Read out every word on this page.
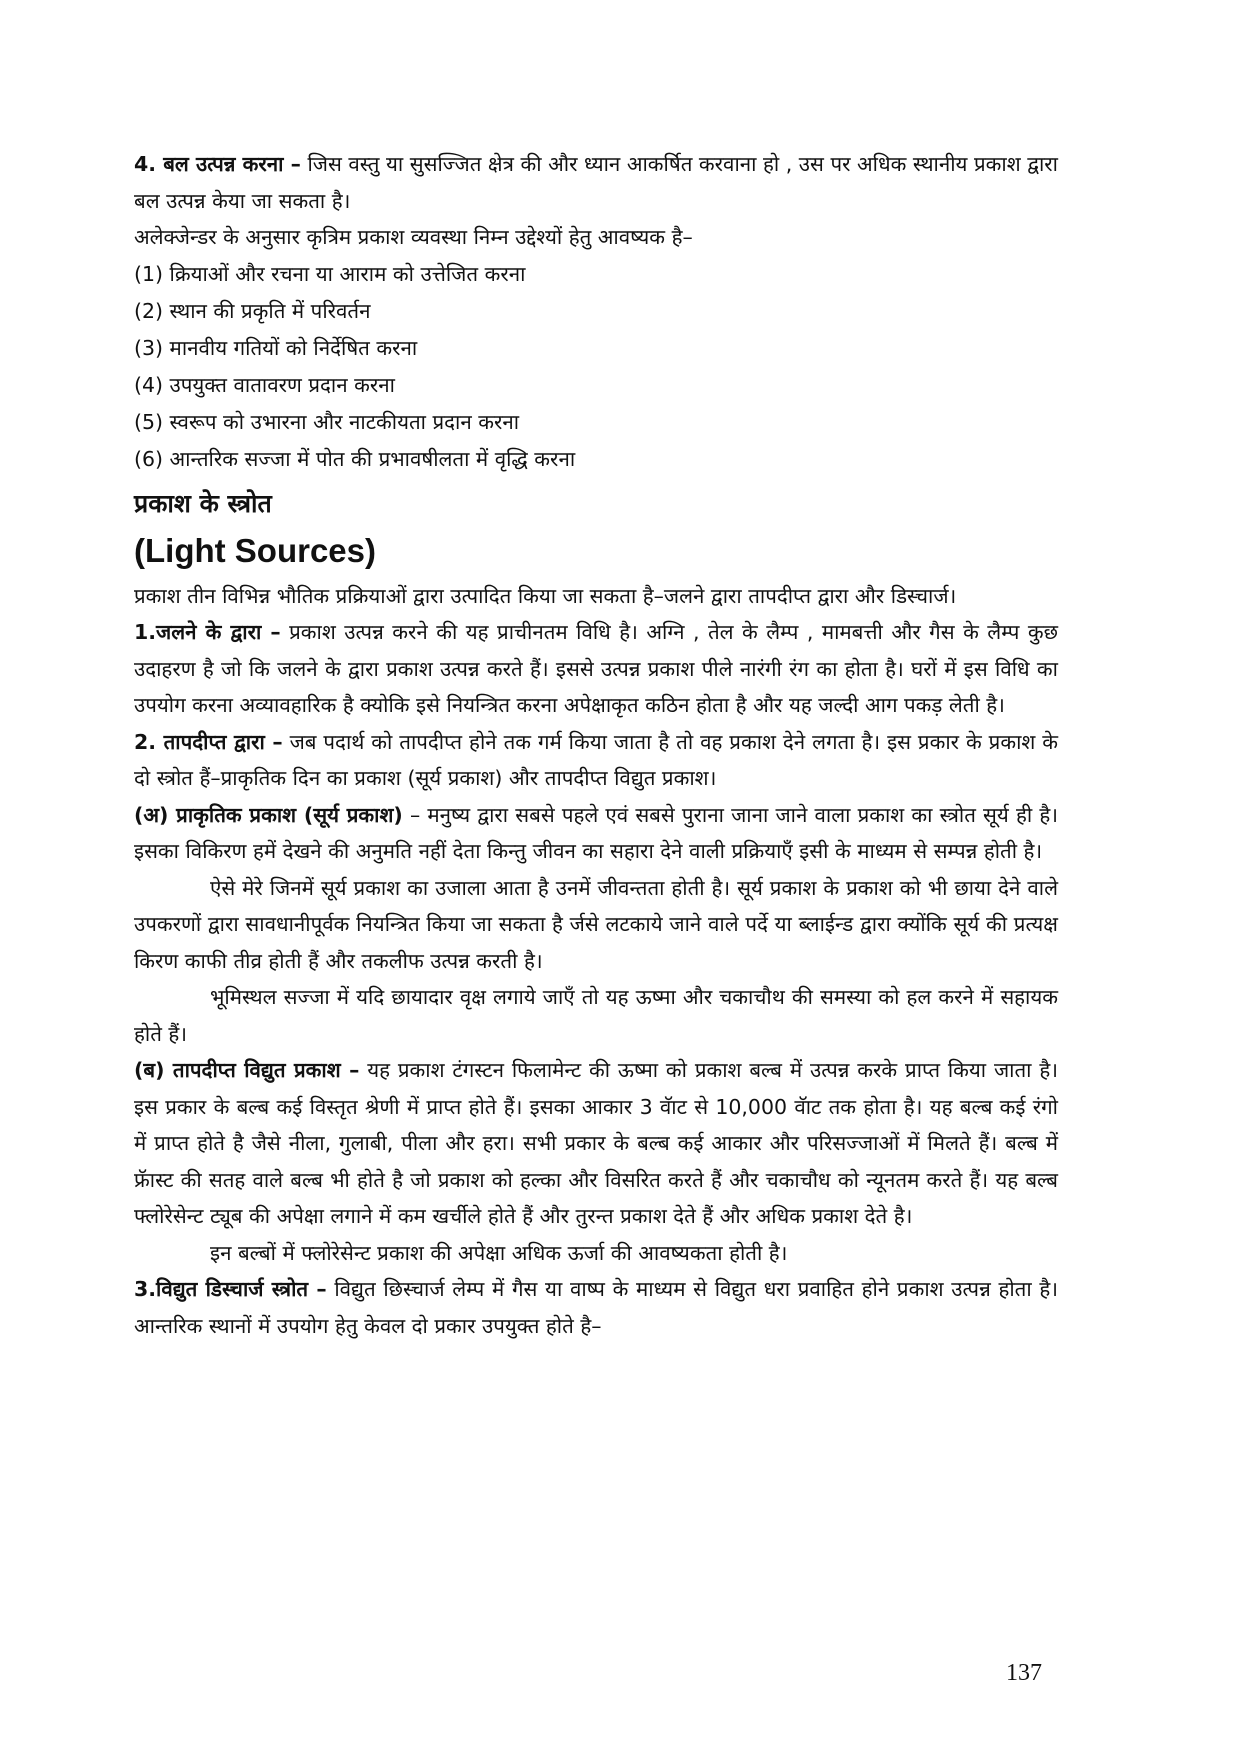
4. बल उत्पन्न करना – जिस वस्तु या सुसज्जित क्षेत्र की और ध्यान आकर्षित करवाना हो , उस पर अधिक स्थानीय प्रकाश द्वारा बल उत्पन्न केया जा सकता है।

अलेक्जेन्डर के अनुसार कृत्रिम प्रकाश व्यवस्था निम्न उद्देश्यों हेतु आवष्यक है–

(1) क्रियाओं और रचना या आराम को उत्तेजित करना

(2) स्थान की प्रकृति में परिवर्तन

(3) मानवीय गतियों को निर्देषित करना

(4) उपयुक्त वातावरण प्रदान करना

(5) स्वरूप को उभारना और नाटकीयता प्रदान करना

(6) आन्तरिक सज्जा में पोत की प्रभावषीलता में वृद्धि करना

प्रकाश के स्त्रोत
(Light Sources)

प्रकाश तीन विभिन्न भौतिक प्रक्रियाओं द्वारा उत्पादित किया जा सकता है–जलने द्वारा तापदीप्त द्वारा और डिस्चार्ज।

1.जलने के द्वारा – प्रकाश उत्पन्न करने की यह प्राचीनतम विधि है। अग्नि , तेल के लैम्प , मामबत्ती और गैस के लैम्प कुछ उदाहरण है जो कि जलने के द्वारा प्रकाश उत्पन्न करते हैं। इससे उत्पन्न प्रकाश पीले नारंगी रंग का होता है। घरों में इस विधि का उपयोग करना अव्यावहारिक है क्योकि इसे नियन्त्रित करना अपेक्षाकृत कठिन होता है और यह जल्दी आग पकड़ लेती है।

2. तापदीप्त द्वारा – जब पदार्थ को तापदीप्त होने तक गर्म किया जाता है तो वह प्रकाश देने लगता है। इस प्रकार के प्रकाश के दो स्त्रोत हैं–प्राकृतिक दिन का प्रकाश (सूर्य प्रकाश) और तापदीप्त विद्युत प्रकाश।

(अ) प्राकृतिक प्रकाश (सूर्य प्रकाश) – मनुष्य द्वारा सबसे पहले एवं सबसे पुराना जाना जाने वाला प्रकाश का स्त्रोत सूर्य ही है। इसका विकिरण हमें देखने की अनुमति नहीं देता किन्तु जीवन का सहारा देने वाली प्रक्रियाएँ इसी के माध्यम से सम्पन्न होती है।

ऐसे मेरे जिनमें सूर्य प्रकाश का उजाला आता है उनमें जीवन्तता होती है। सूर्य प्रकाश के प्रकाश को भी छाया देने वाले उपकरणों द्वारा सावधानीपूर्वक नियन्त्रित किया जा सकता है र्जसे लटकाये जाने वाले पर्दे या ब्लाईन्ड द्वारा क्योंकि सूर्य की प्रत्यक्ष किरण काफी तीव्र होती हैं और तकलीफ उत्पन्न करती है।

भूमिस्थल सज्जा में यदि छायादार वृक्ष लगाये जाएँ तो यह ऊष्मा और चकाचौथ की समस्या को हल करने में सहायक होते हैं।

(ब) तापदीप्त विद्युत प्रकाश – यह प्रकाश टंगस्टन फिलामेन्ट की ऊष्मा को प्रकाश बल्ब में उत्पन्न करके प्राप्त किया जाता है। इस प्रकार के बल्ब कई विस्तृत श्रेणी में प्राप्त होते हैं। इसका आकार 3 वॅाट से 10,000 वॅाट तक होता है। यह बल्ब कई रंगो में प्राप्त होते है जैसे नीला, गुलाबी, पीला और हरा। सभी प्रकार के बल्ब कई आकार और परिसज्जाओं में मिलते हैं। बल्ब में फ्रॅास्ट की सतह वाले बल्ब भी होते है जो प्रकाश को हल्का और विसरित करते हैं और चकाचौध को न्यूनतम करते हैं। यह बल्ब फ्लोरेसेन्ट ट्यूब की अपेक्षा लगाने में कम खर्चीले होते हैं और तुरन्त प्रकाश देते हैं और अधिक प्रकाश देते है।

इन बल्बों में फ्लोरेसेन्ट प्रकाश की अपेक्षा अधिक ऊर्जा की आवष्यकता होती है।

3.विद्युत डिस्चार्ज स्त्रोत – विद्युत छिस्चार्ज लेम्प में गैस या वाष्प के माध्यम से विद्युत धरा प्रवाहित होने प्रकाश उत्पन्न होता है। आन्तरिक स्थानों में उपयोग हेतु केवल दो प्रकार उपयुक्त होते है–

137
